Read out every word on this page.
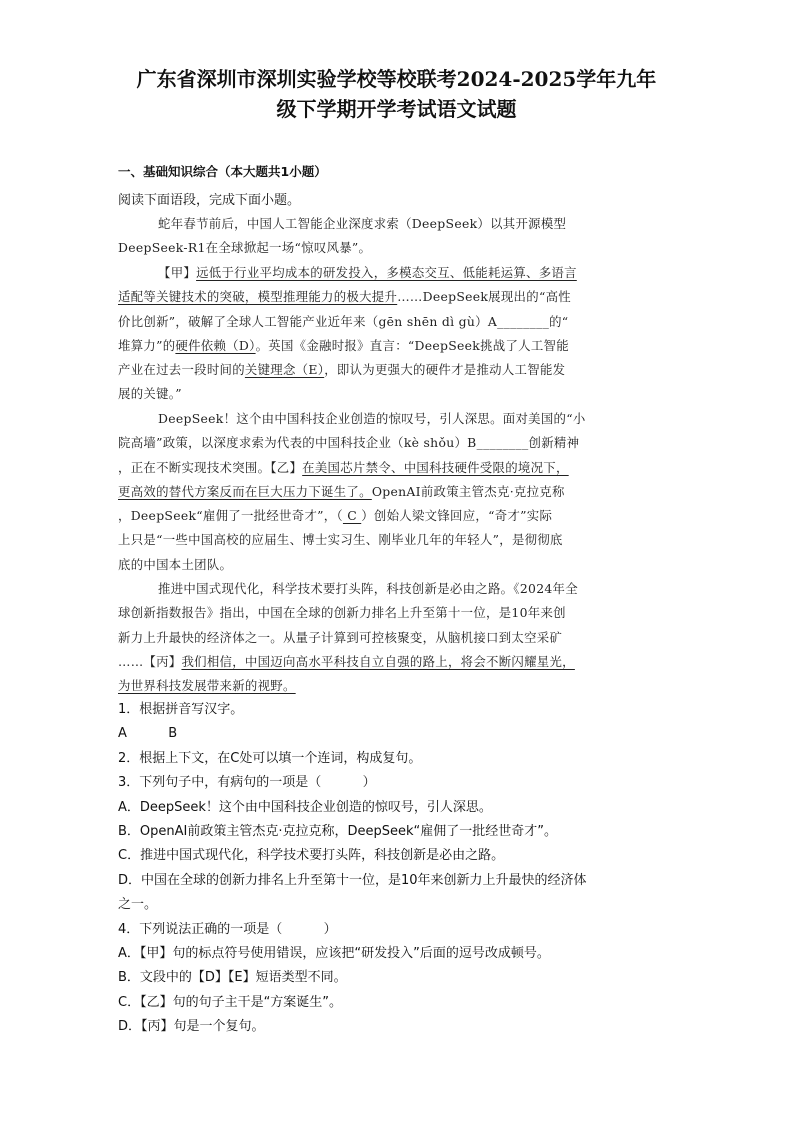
广东省深圳市深圳实验学校等校联考2024-2025学年九年
级下学期开学考试语文试题
一、基础知识综合（本大题共1小题）
阅读下面语段，完成下面小题。
蛇年春节前后，中国人工智能企业深度求索（DeepSeek）以其开源模型
DeepSeek-R1在全球掀起一场“惊叹风暴”。
【甲】远低于行业平均成本的研发投入，多模态交互、低能耗运算、多语言
适配等关键技术的突破，模型推理能力的极大提升……DeepSeek展现出的“高性
价比创新”，破解了全球人工智能产业近年来（gēn shēn dì gù）A________的“
堆算力”的硬件依赖（D）。英国《金融时报》直言：“DeepSeek挑战了人工智能
产业在过去一段时间的关键理念（E），即认为更强大的硬件才是推动人工智能发
展的关键。”
DeepSeek！这个由中国科技企业创造的惊叹号，引人深思。面对美国的“小
院高墙”政策，以深度求索为代表的中国科技企业（kè shǒu）B________创新精神
，正在不断实现技术突围。【乙】在美国芯片禁令、中国科技硬件受限的境况下，
更高效的替代方案反而在巨大压力下诞生了。OpenAI前政策主管杰克·克拉克称
，DeepSeek“雇佣了一批经世奇才”，（ C ）创始人梁文锋回应，“奇才”实际
上只是“一些中国高校的应届生、博士实习生、刚毕业几年的年轻人”，是彻彻底
底的中国本土团队。
推进中国式现代化，科学技术要打头阵，科技创新是必由之路。《2024年全
球创新指数报告》指出，中国在全球的创新力排名上升至第十一位，是10年来创
新力上升最快的经济体之一。从量子计算到可控核聚变，从脑机接口到太空采矿
……【丙】我们相信，中国迈向高水平科技自立自强的路上，将会不断闪耀星光，
为世界科技发展带来新的视野。
1．根据拼音写汉字。
A          B
2．根据上下文，在C处可以填一个连词，构成复句。
3．下列句子中，有病句的一项是（          ）
A．DeepSeek！这个由中国科技企业创造的惊叹号，引人深思。
B．OpenAI前政策主管杰克·克拉克称，DeepSeek“雇佣了一批经世奇才”。
C．推进中国式现代化，科学技术要打头阵，科技创新是必由之路。
D．中国在全球的创新力排名上升至第十一位，是10年来创新力上升最快的经济体
之一。
4．下列说法正确的一项是（          ）
A．【甲】句的标点符号使用错误，应该把“研发投入”后面的逗号改成顿号。
B．文段中的【D】【E】短语类型不同。
C．【乙】句的句子主干是“方案诞生”。
D．【丙】句是一个复句。
